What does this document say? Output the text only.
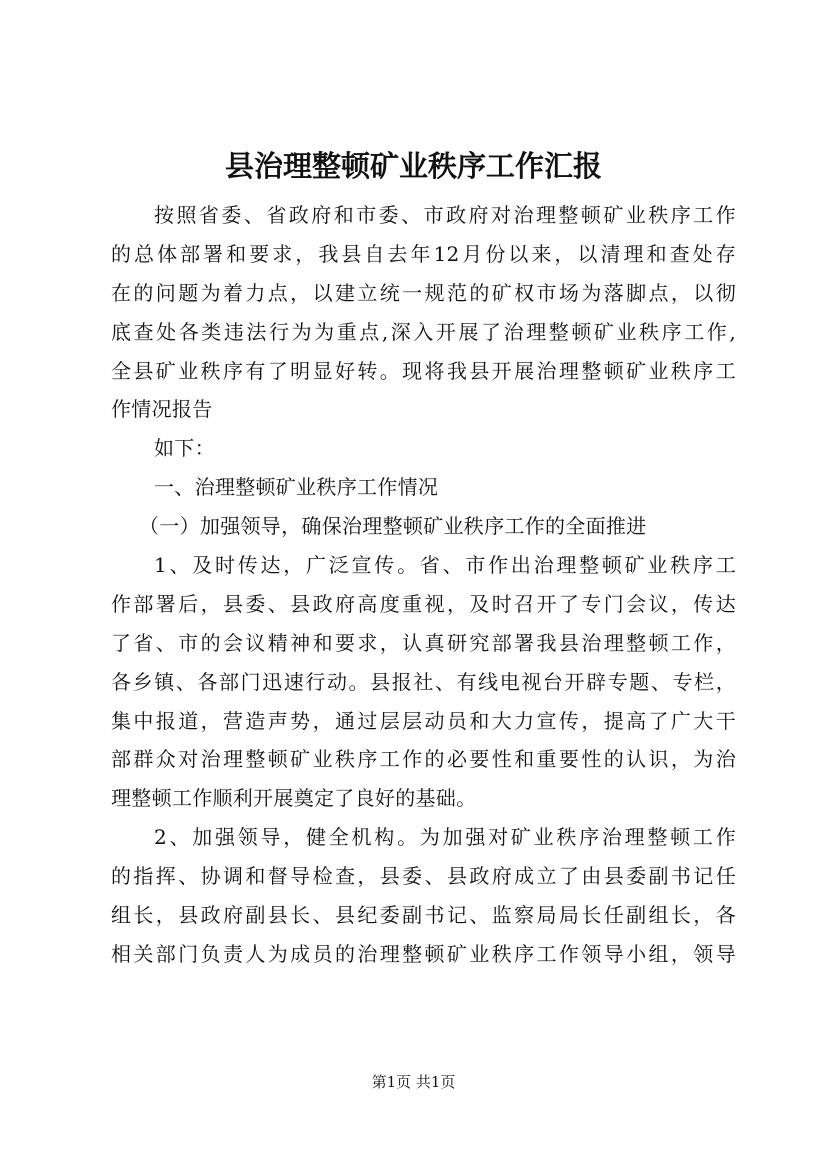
县治理整顿矿业秩序工作汇报
按照省委、省政府和市委、市政府对治理整顿矿业秩序工作
的总体部署和要求，我县自去年12月份以来，以清理和查处存
在的问题为着力点，以建立统一规范的矿权市场为落脚点，以彻
底查处各类违法行为为重点,深入开展了治理整顿矿业秩序工作,
全县矿业秩序有了明显好转。现将我县开展治理整顿矿业秩序工
作情况报告
如下：
一、治理整顿矿业秩序工作情况
（一）加强领导，确保治理整顿矿业秩序工作的全面推进
1、及时传达，广泛宣传。省、市作出治理整顿矿业秩序工
作部署后，县委、县政府高度重视，及时召开了专门会议，传达
了省、市的会议精神和要求，认真研究部署我县治理整顿工作，
各乡镇、各部门迅速行动。县报社、有线电视台开辟专题、专栏，
集中报道，营造声势，通过层层动员和大力宣传，提高了广大干
部群众对治理整顿矿业秩序工作的必要性和重要性的认识，为治
理整顿工作顺利开展奠定了良好的基础。
2、加强领导，健全机构。为加强对矿业秩序治理整顿工作
的指挥、协调和督导检查，县委、县政府成立了由县委副书记任
组长，县政府副县长、县纪委副书记、监察局局长任副组长，各
相关部门负责人为成员的治理整顿矿业秩序工作领导小组，领导
第1页 共1页
